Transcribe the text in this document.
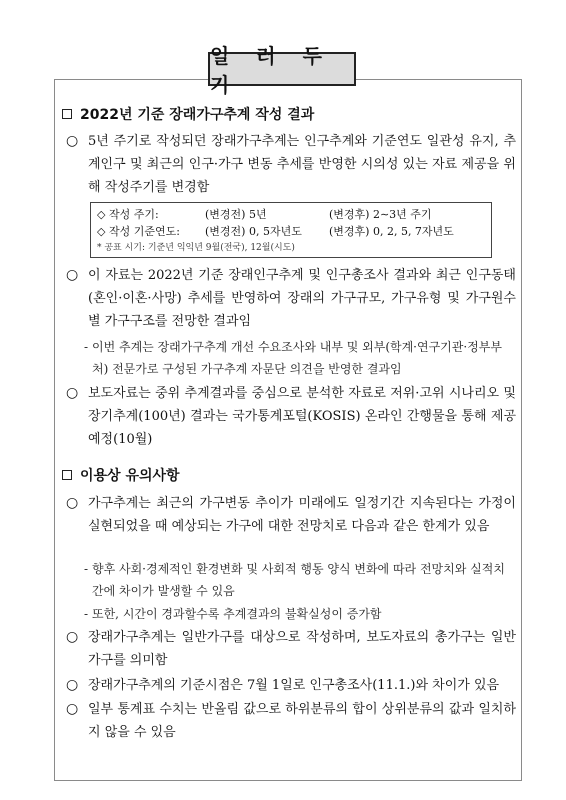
일 러 두 기
2022년 기준 장래가구추계 작성 결과
○ 5년 주기로 작성되던 장래가구추계는 인구추계와 기준연도 일관성 유지, 추계인구 및 최근의 인구·가구 변동 추세를 반영한 시의성 있는 자료 제공을 위해 작성주기를 변경함
◇ 작성 주기:	(변경전) 5년	(변경후) 2∼3년 주기
◇ 작성 기준연도:	(변경전) 0, 5자년도	(변경후) 0, 2, 5, 7자년도
* 공표 시기: 기준년 익익년 9월(전국), 12월(시도)
○ 이 자료는 2022년 기준 장래인구추계 및 인구총조사 결과와 최근 인구동태(혼인·이혼·사망) 추세를 반영하여 장래의 가구규모, 가구유형 및 가구원수별 가구구조를 전망한 결과임
- 이번 추계는 장래가구추계 개선 수요조사와 내부 및 외부(학계·연구기관·정부부처) 전문가로 구성된 가구추계 자문단 의견을 반영한 결과임
○ 보도자료는 중위 추계결과를 중심으로 분석한 자료로 저위·고위 시나리오 및 장기추계(100년) 결과는 국가통계포털(KOSIS) 온라인 간행물을 통해 제공 예정(10월)
이용상 유의사항
○ 가구추계는 최근의 가구변동 추이가 미래에도 일정기간 지속된다는 가정이 실현되었을 때 예상되는 가구에 대한 전망치로 다음과 같은 한계가 있음
- 향후 사회·경제적인 환경변화 및 사회적 행동 양식 변화에 따라 전망치와 실적치 간에 차이가 발생할 수 있음
- 또한, 시간이 경과할수록 추계결과의 불확실성이 증가함
○ 장래가구추계는 일반가구를 대상으로 작성하며, 보도자료의 총가구는 일반가구를 의미함
○ 장래가구추계의 기준시점은 7월 1일로 인구총조사(11.1.)와 차이가 있음
○ 일부 통계표 수치는 반올림 값으로 하위분류의 합이 상위분류의 값과 일치하지 않을 수 있음
